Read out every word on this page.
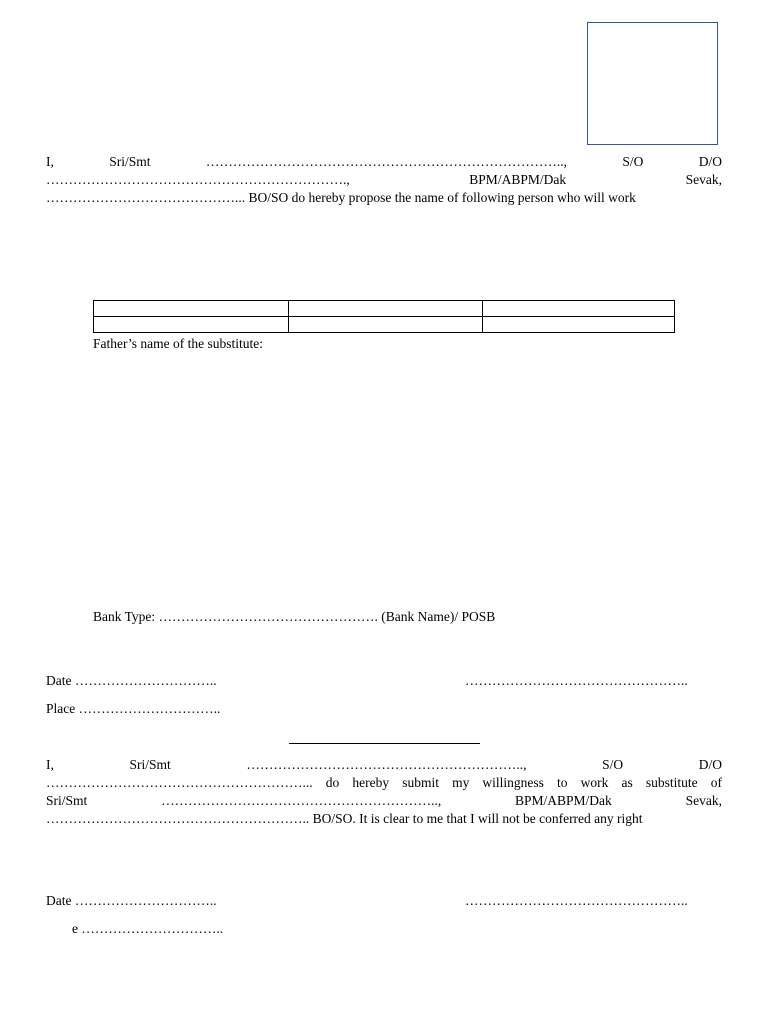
I,	Sri/Smt	……………………………………………………………………..,	S/O	D/O
………………………………………………………….,	BPM/ABPM/Dak	Sevak,
……………………………………... BO/SO do hereby propose the name of following person who will work

Father’s name of the substitute:
Bank Type: …………………………………………. (Bank Name)/ POSB
Date …………………………..	…………………………………………..
Place …………………………..
I,	Sri/Smt	……………………………………………………..,	S/O	D/O
…………………………………………………... do hereby submit my willingness to work as substitute of
Sri/Smt	……………………………………………………..,	BPM/ABPM/Dak	Sevak,
………………………………………………….. BO/SO. It is clear to me that I will not be conferred any right
Date …………………………..	…………………………………………..
e …………………………..
